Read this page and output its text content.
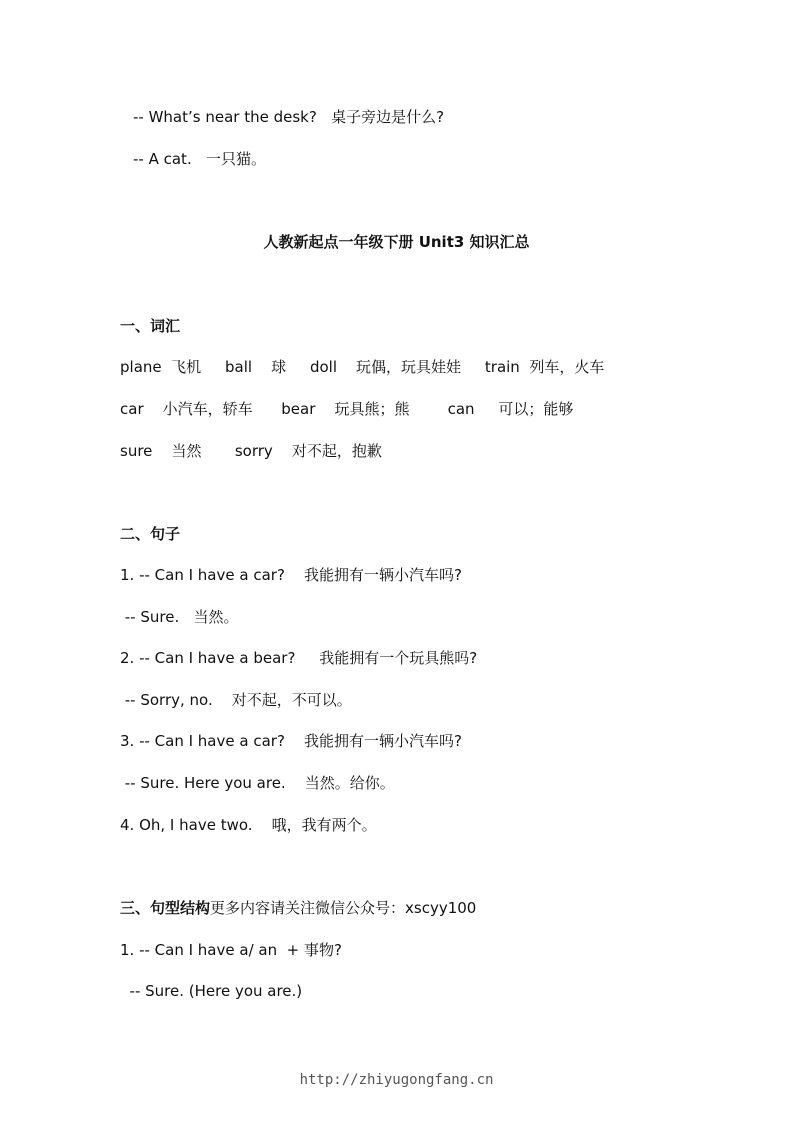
-- What’s near the desk?   桌子旁边是什么?
-- A cat.   一只猫。
人教新起点一年级下册 Unit3 知识汇总
一、词汇
plane  飞机     ball    球     doll    玩偶，玩具娃娃     train  列车，火车
car    小汽车，轿车      bear    玩具熊；熊        can     可以；能够
sure    当然       sorry    对不起，抱歉
二、句子
1. -- Can I have a car?    我能拥有一辆小汽车吗?
-- Sure.   当然。
2. -- Can I have a bear?     我能拥有一个玩具熊吗?
-- Sorry, no.    对不起，不可以。
3. -- Can I have a car?    我能拥有一辆小汽车吗?
-- Sure. Here you are.    当然。给你。
4. Oh, I have two.    哦，我有两个。
三、句型结构更多内容请关注微信公众号：xscyy100
1. -- Can I have a/ an  + 事物?
-- Sure. (Here you are.)
http://zhiyugongfang.cn
